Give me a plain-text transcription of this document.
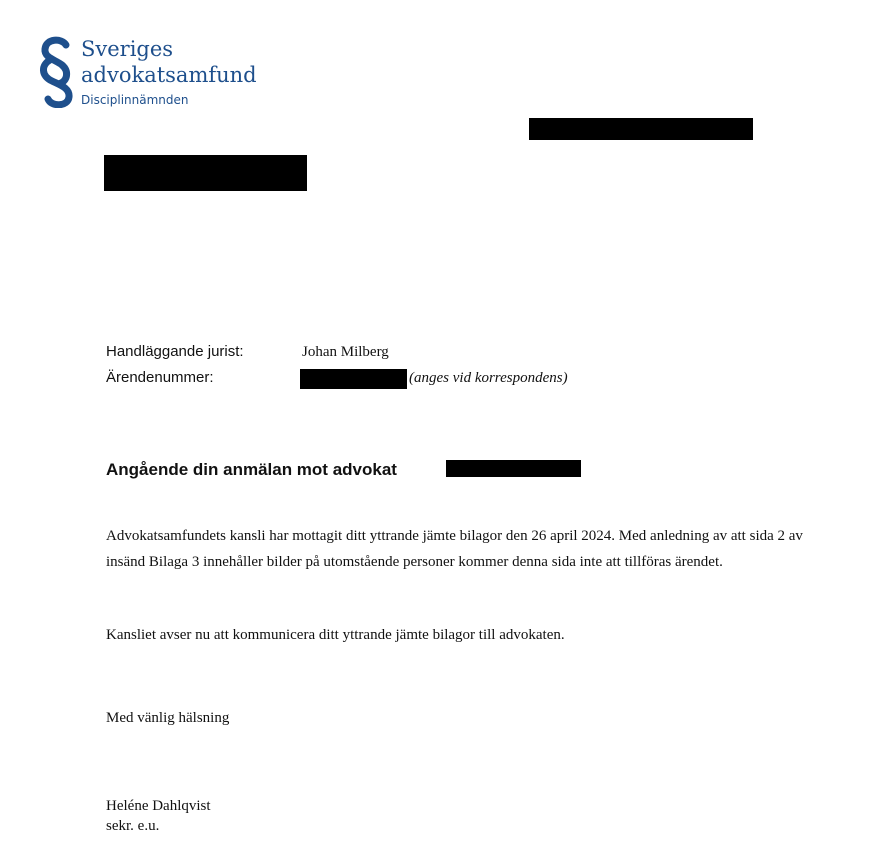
Sveriges
advokatsamfund
Disciplinnämnden
Handläggande jurist:	Johan Milberg
Ärendenummer:	(anges vid korrespondens)
Angående din anmälan mot advokat
Advokatsamfundets kansli har mottagit ditt yttrande jämte bilagor den 26 april 2024. Med anledning av att sida 2 av insänd Bilaga 3 innehåller bilder på utomstående personer kommer denna sida inte att tillföras ärendet.
Kansliet avser nu att kommunicera ditt yttrande jämte bilagor till advokaten.
Med vänlig hälsning
Heléne Dahlqvist
sekr. e.u.
